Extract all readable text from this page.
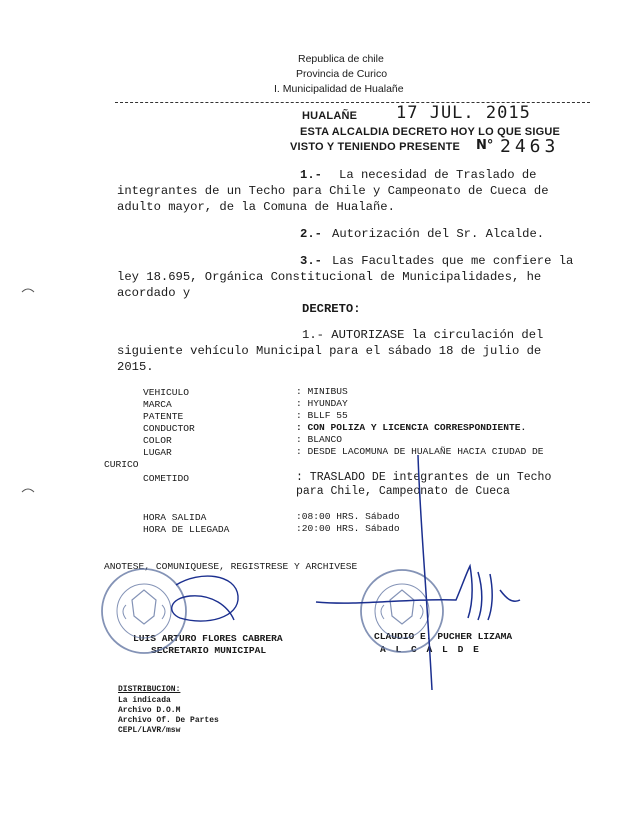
Republica de chile
Provincia de Curico
I. Municipalidad de Hualañe
HUALAÑE 17 JUL. 2015
ESTA ALCALDIA DECRETO HOY LO QUE SIGUE
VISTO Y TENIENDO PRESENTE N° 2463
1.- La necesidad de Traslado de
integrantes de un Techo para Chile y Campeonato de Cueca de
adulto mayor, de la Comuna de Hualañe.
2.- Autorización del Sr. Alcalde.
3.- Las Facultades que me confiere la
ley 18.695, Orgánica Constitucional de Municipalidades, he
acordado y
DECRETO:
1.- AUTORIZASE la circulación del
siguiente vehículo Municipal para el sábado 18 de julio de
2015.
VEHICULO	: MINIBUS
MARCA	: HYUNDAY
PATENTE	: BLLF 55
CONDUCTOR	: CON POLIZA Y LICENCIA CORRESPONDIENTE.
COLOR	: BLANCO
LUGAR	: DESDE LACOMUNA DE HUALAÑE HACIA CIUDAD DE
CURICO
COMETIDO	: TRASLADO DE integrantes de un Techo
para Chile, Campeonato de Cueca
HORA SALIDA	:08:00 HRS. Sábado
HORA DE LLEGADA	:20:00 HRS. Sábado
ANOTESE, COMUNIQUESE, REGISTRESE Y ARCHIVESE
LUIS ARTURO FLORES CABRERA
SECRETARIO MUNICIPAL
CLAUDIO E. PUCHER LIZAMA
A L C A L D E
DISTRIBUCION:
La indicada
Archivo D.O.M
Archivo Of. De Partes
CEPL/LAVR/msw
